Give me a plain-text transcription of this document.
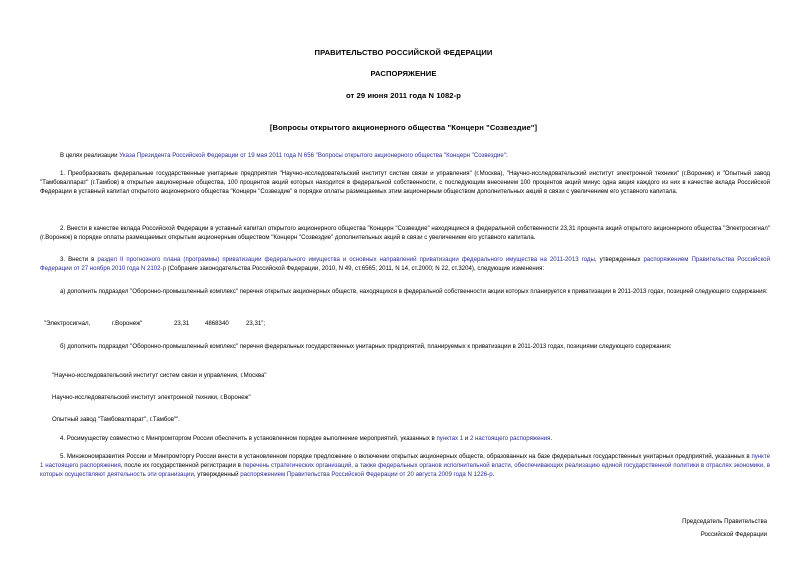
ПРАВИТЕЛЬСТВО РОССИЙСКОЙ ФЕДЕРАЦИИ
РАСПОРЯЖЕНИЕ
от 29 июня 2011 года N 1082-р
[Вопросы открытого акционерного общества "Концерн "Созвездие"]
В целях реализации Указа Президента Российской Федерации от 19 мая 2011 года N 656 "Вопросы открытого акционерного общества "Концерн "Созвездие":
1. Преобразовать федеральные государственные унитарные предприятия "Научно-исследовательский институт систем связи и управления" (г.Москва), "Научно-исследовательский институт электронной техники" (г.Воронеж) и "Опытный завод "Тамбовалпарат" (г.Тамбов) в открытые акционерные общества, 100 процентов акций которых находится в федеральной собственности, с последующим внесением 100 процентов акций минус одна акция каждого из них в качестве вклада Российской Федерации в уставный капитал открытого акционерного общества "Концерн "Созвездие" в порядке оплаты размещаемых этим акционерным обществом дополнительных акций в связи с увеличением его уставного капитала.
2. Внести в качестве вклада Российской Федерации в уставный капитал открытого акционерного общества "Концерн "Созвездие" находящиеся в федеральной собственности 23,31 процента акций открытого акционерного общества "Электросигнал" (г.Воронеж) в порядке оплаты размещаемых открытым акционерным обществом "Концерн "Созвездие" дополнительных акций в связи с увеличением его уставного капитала.
3. Внести в раздел II прогнозного плана (программы) приватизации федерального имущества и основных направлений приватизации федерального имущества на 2011-2013 годы, утвержденных распоряжением Правительства Российской Федерации от 27 ноября 2010 года N 2102-р (Собрание законодательства Российской Федерации, 2010, N 49, ст.6565; 2011, N 14, ст.2000; N 22, ст.3204), следующие изменения:
а) дополнить подраздел "Оборонно-промышленный комплекс" перечня открытых акционерных обществ, находящихся в федеральной собственности акции которых планируется к приватизации в 2011-2013 годах, позицией следующего содержания:
"Электросигнал,	г.Воронеж"	23,31	4868340	23,31";
б) дополнить подраздел "Оборонно-промышленный комплекс" перечня федеральных государственных унитарных предприятий, планируемых к приватизации в 2011-2013 годах, позициями следующего содержания:
"Научно-исследовательский институт систем связи и управления, г.Москва"
Научно-исследовательский институт электронной техники, г.Воронеж"
Опытный завод "Тамбовалпарат", г.Тамбов"".
4. Росимуществу совместно с Минпромторгом России обеспечить в установленном порядке выполнение мероприятий, указанных в пунктах 1 и 2 настоящего распоряжения.
5. Минэкономразвития России и Минпромторгу России внести в установленном порядке предложение о включении открытых акционерных обществ, образованных на базе федеральных государственных унитарных предприятий, указанных в пункте 1 настоящего распоряжения, после их государственной регистрации в перечень стратегических организаций, а также федеральных органов исполнительной власти, обеспечивающих реализацию единой государственной политики в отраслях экономики, в которых осуществляют деятельность эти организации, утвержденный распоряжением Правительства Российской Федерации от 20 августа 2009 года N 1226-р.
Председатель Правительства
Российской Федерации
